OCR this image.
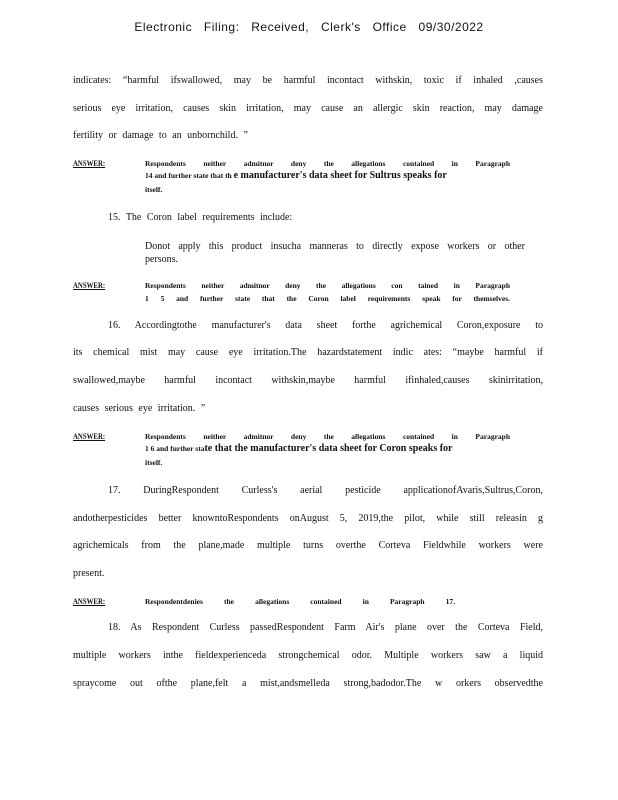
Electronic Filing: Received, Clerk's Office 09/30/2022
indicates: “harmful ifswallowed, may be harmful incontact withskin, toxic if inhaled ,causes
serious eye irritation, causes skin irritation, may cause an allergic skin reaction, may damage
fertility or damage to an unbornchild. ”
ANSWER:	Respondents neither admitnor deny the allegations contained in Paragraph
14 and further state that th e manufacturer's data sheet for Sultrus speaks for
itself.
15. The Coron label requirements include:
Donot apply this product insucha manneras to directly expose workers or other persons.
ANSWER:	Respondents neither admitnor deny the allegations con tained in Paragraph
1 5 and further state that the Coron label requirements speak for themselves.
16. Accordingtothe manufacturer's data sheet forthe agrichemical Coron,exposure to
its chemical mist may cause eye irritation.The hazardstatement indic ates: “maybe harmful if
swallowed,maybe harmful incontact withskin,maybe harmful ifinhaled,causes skinirritation,
causes serious eye irritation. ”
ANSWER:	Respondents neither admitnor deny the allegations contained in Paragraph
1 6 and further state that the manufacturer's data sheet for Coron speaks for
itself.
17. DuringRespondent Curless's aerial pesticide applicationofAvaris,Sultrus,Coron,
andotherpesticides better knowntoRespondents onAugust 5, 2019,the pilot, while still releasin g
agrichemicals from the plane,made multiple turns overthe Corteva Fieldwhile workers were
present.
ANSWER:	Respondentdenies the allegations contained in Paragraph 17.
18. As Respondent Curless passedRespondent Farm Air's plane over the Corteva Field,
multiple workers inthe fieldexperienceda strongchemical odor. Multiple workers saw a liquid
spraycome out ofthe plane,felt a mist,andsmelleda strong,badodor.The w orkers observedthe
